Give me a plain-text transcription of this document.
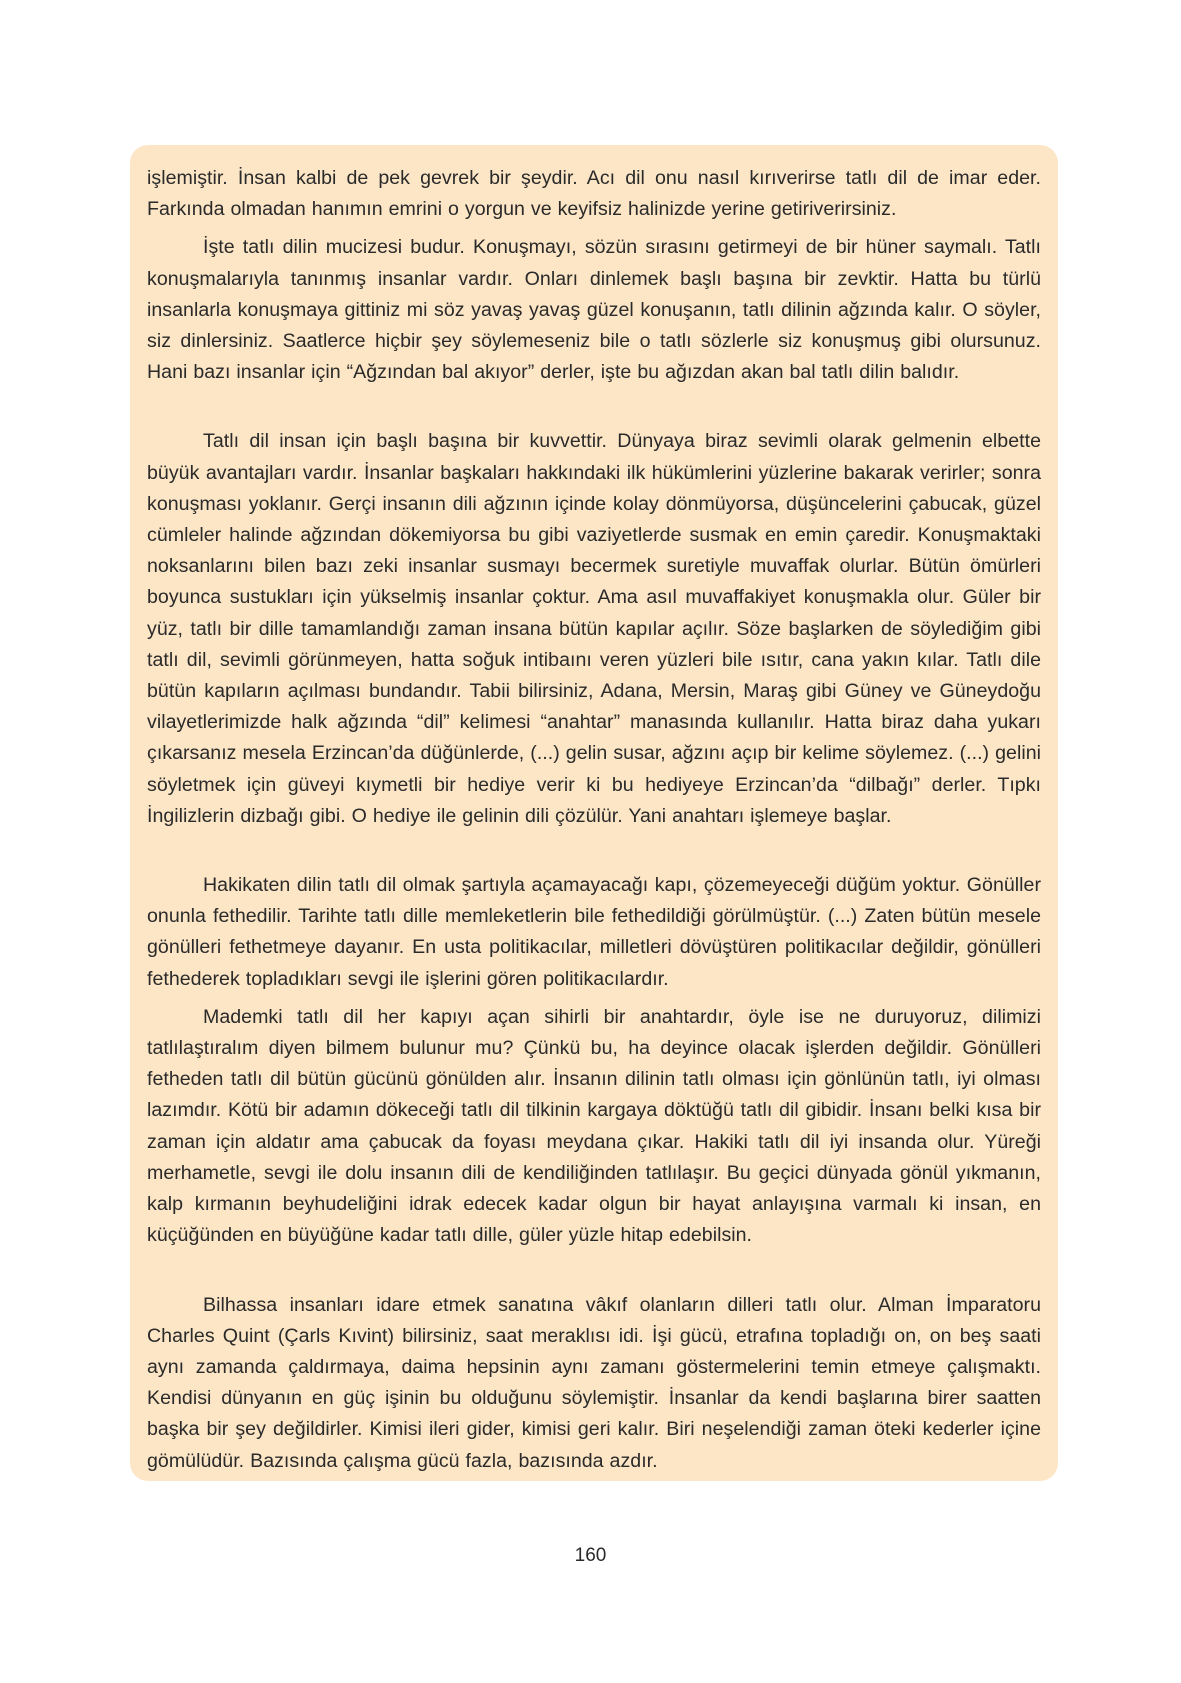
işlemiştir. İnsan kalbi de pek gevrek bir şeydir. Acı dil onu nasıl kırıverirse tatlı dil de imar eder. Farkında olmadan hanımın emrini o yorgun ve keyifsiz halinizde yerine getiriverirsiniz.

İşte tatlı dilin mucizesi budur. Konuşmayı, sözün sırasını getirmeyi de bir hüner saymalı. Tatlı konuşmalarıyla tanınmış insanlar vardır. Onları dinlemek başlı başına bir zevktir. Hatta bu türlü insanlarla konuşmaya gittiniz mi söz yavaş yavaş güzel konuşanın, tatlı dilinin ağzında kalır. O söyler, siz dinlersiniz. Saatlerce hiçbir şey söylemeseniz bile o tatlı sözlerle siz konuşmuş gibi olursunuz. Hani bazı insanlar için “Ağzından bal akıyor” derler, işte bu ağızdan akan bal tatlı dilin balıdır.

Tatlı dil insan için başlı başına bir kuvvettir. Dünyaya biraz sevimli olarak gelmenin elbette büyük avantajları vardır. İnsanlar başkaları hakkındaki ilk hükümlerini yüzlerine bakarak verirler; sonra konuşması yoklanır. Gerçi insanın dili ağzının içinde kolay dönmüyorsa, düşüncelerini çabucak, güzel cümleler halinde ağzından dökemiyorsa bu gibi vaziyetlerde susmak en emin çaredir. Konuşmaktaki noksanlarını bilen bazı zeki insanlar susmayı becermek suretiyle muvaffak olurlar. Bütün ömürleri boyunca sustukları için yükselmiş insanlar çoktur. Ama asıl muvaffakiyet konuşmakla olur. Güler bir yüz, tatlı bir dille tamamlandığı zaman insana bütün kapılar açılır. Söze başlarken de söylediğim gibi tatlı dil, sevimli görünmeyen, hatta soğuk intibaını veren yüzleri bile ısıtır, cana yakın kılar. Tatlı dile bütün kapıların açılması bundandır. Tabii bilirsiniz, Adana, Mersin, Maraş gibi Güney ve Güneydoğu vilayetlerimizde halk ağzında “dil” kelimesi “anahtar” manasında kullanılır. Hatta biraz daha yukarı çıkarsanız mesela Erzincan’da düğünlerde, (...) gelin susar, ağzını açıp bir kelime söylemez. (...) gelini söyletmek için güveyi kıymetli bir hediye verir ki bu hediyeye Erzincan’da “dilbağı” derler. Tıpkı İngilizlerin dizbağı gibi. O hediye ile gelinin dili çözülür. Yani anahtarı işlemeye başlar.

Hakikaten dilin tatlı dil olmak şartıyla açamayacağı kapı, çözemeyeceği düğüm yoktur. Gönüller onunla fethedilir. Tarihte tatlı dille memleketlerin bile fethedildiği görülmüştür. (...) Zaten bütün mesele gönülleri fethetmeye dayanır. En usta politikacılar, milletleri dövüştüren politikacılar değildir, gönülleri fethederek topladıkları sevgi ile işlerini gören politikacılardır.

Mademki tatlı dil her kapıyı açan sihirli bir anahtardır, öyle ise ne duruyoruz, dilimizi tatlılaştıralım diyen bilmem bulunur mu? Çünkü bu, ha deyince olacak işlerden değildir. Gönülleri fetheden tatlı dil bütün gücünü gönülden alır. İnsanın dilinin tatlı olması için gönlünün tatlı, iyi olması lazımdır. Kötü bir adamın dökeceği tatlı dil tilkinin kargaya döktüğü tatlı dil gibidir. İnsanı belki kısa bir zaman için aldatır ama çabucak da foyası meydana çıkar. Hakiki tatlı dil iyi insanda olur. Yüreği merhametle, sevgi ile dolu insanın dili de kendiliğinden tatlılaşır. Bu geçici dünyada gönül yıkmanın, kalp kırmanın beyhudeliğini idrak edecek kadar olgun bir hayat anlayışına varmalı ki insan, en küçüğünden en büyüğüne kadar tatlı dille, güler yüzle hitap edebilsin.

Bilhassa insanları idare etmek sanatına vâkıf olanların dilleri tatlı olur. Alman İmparatoru Charles Quint (Çarls Kıvint) bilirsiniz, saat meraklısı idi. İşi gücü, etrafına topladığı on, on beş saati aynı zamanda çaldırmaya, daima hepsinin aynı zamanı göstermelerini temin etmeye çalışmaktı. Kendisi dünyanın en güç işinin bu olduğunu söylemiştir. İnsanlar da kendi başlarına birer saatten başka bir şey değildirler. Kimisi ileri gider, kimisi geri kalır. Biri neşelendiği zaman öteki kederler içine gömülüdür. Bazısında çalışma gücü fazla, bazısında azdır.

160
